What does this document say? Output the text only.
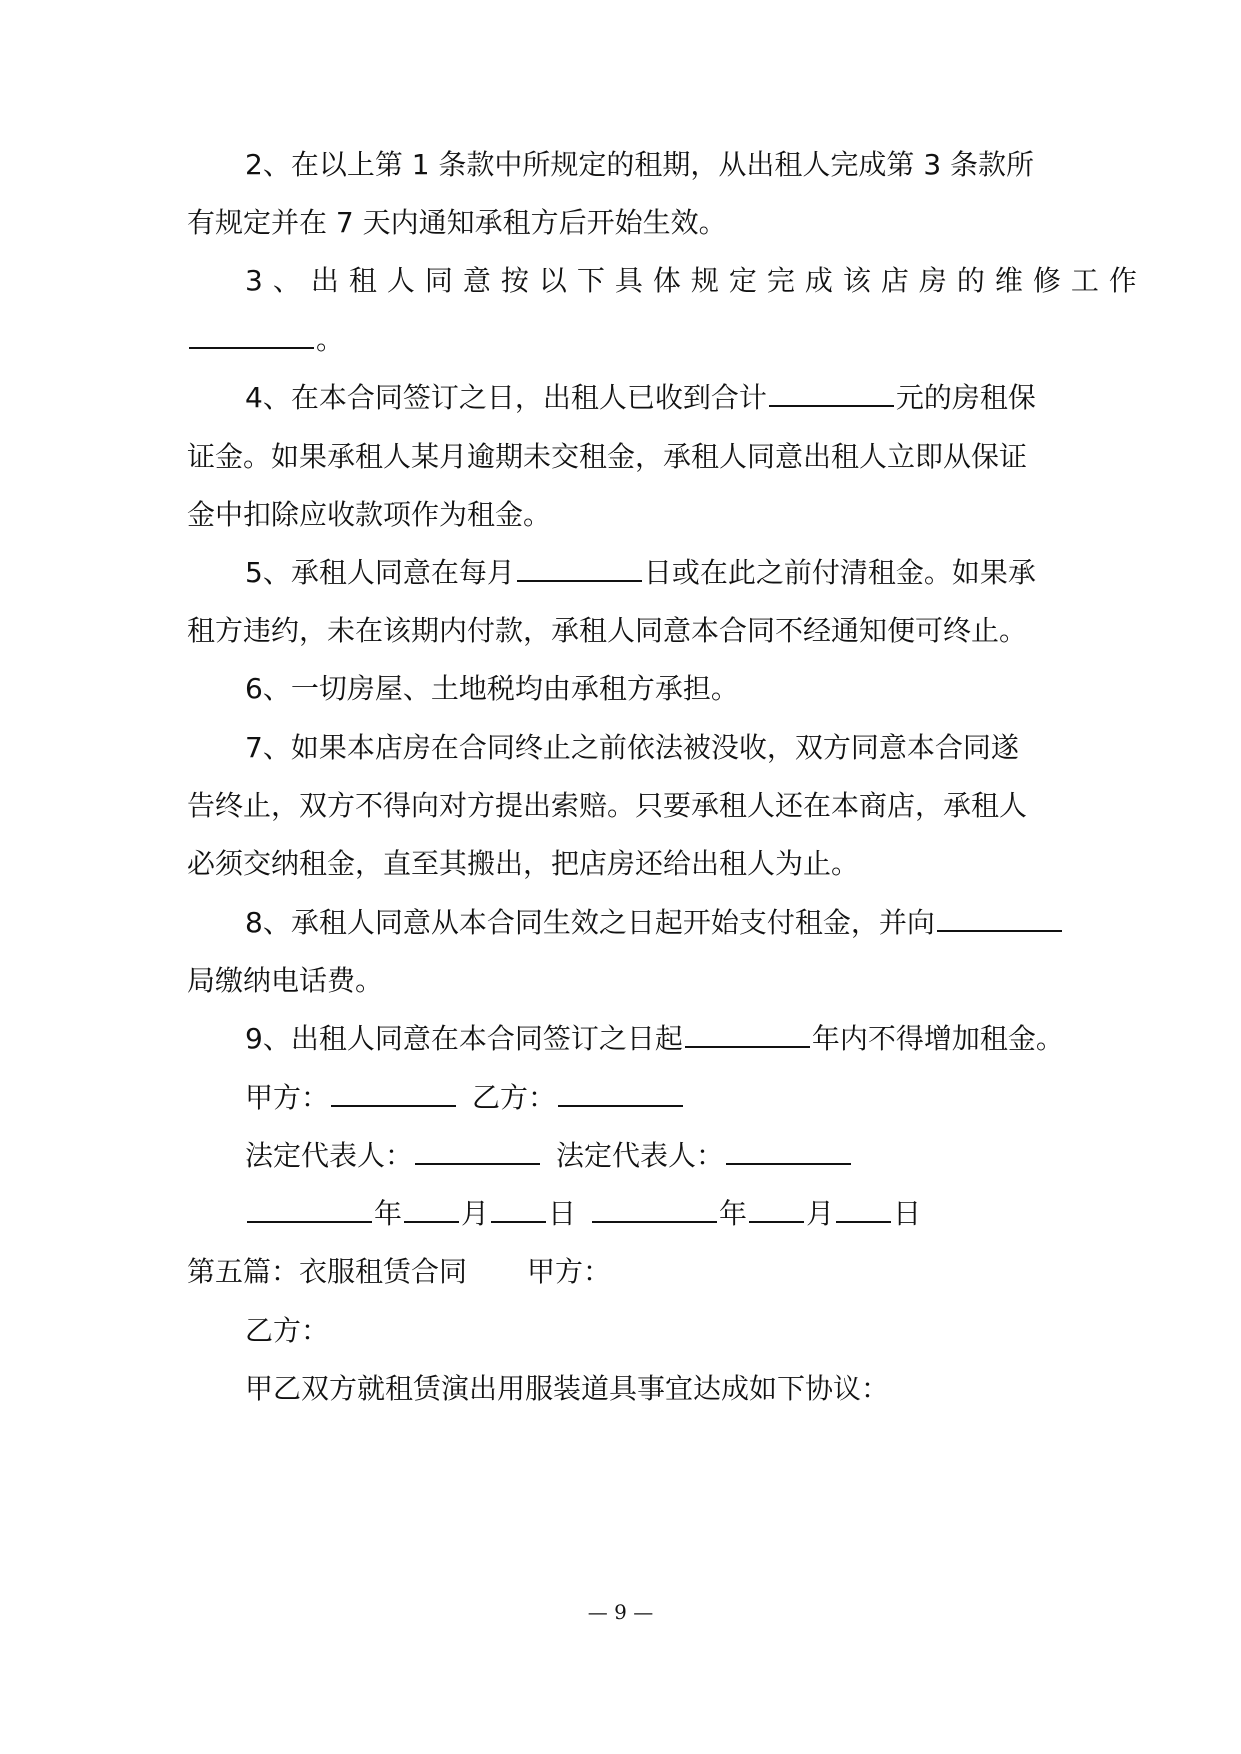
2、在以上第 1 条款中所规定的租期，从出租人完成第 3 条款所

有规定并在 7 天内通知承租方后开始生效。

3、出租人同意按以下具体规定完成该店房的维修工作

。

4、在本合同签订之日，出租人已收到合计	元的房租保

证金。如果承租人某月逾期未交租金，承租人同意出租人立即从保证

金中扣除应收款项作为租金。

5、承租人同意在每月	日或在此之前付清租金。如果承

租方违约，未在该期内付款，承租人同意本合同不经通知便可终止。

6、一切房屋、土地税均由承租方承担。

7、如果本店房在合同终止之前依法被没收，双方同意本合同遂

告终止，双方不得向对方提出索赔。只要承租人还在本商店，承租人

必须交纳租金，直至其搬出，把店房还给出租人为止。

8、承租人同意从本合同生效之日起开始支付租金，并向

局缴纳电话费。

9、出租人同意在本合同签订之日起	年内不得增加租金。

甲方：	乙方：

法定代表人：	法定代表人：

年 月 日	年 月 日

第五篇：衣服租赁合同 甲方：

乙方：

甲乙双方就租赁演出用服装道具事宜达成如下协议：

— 9 —
